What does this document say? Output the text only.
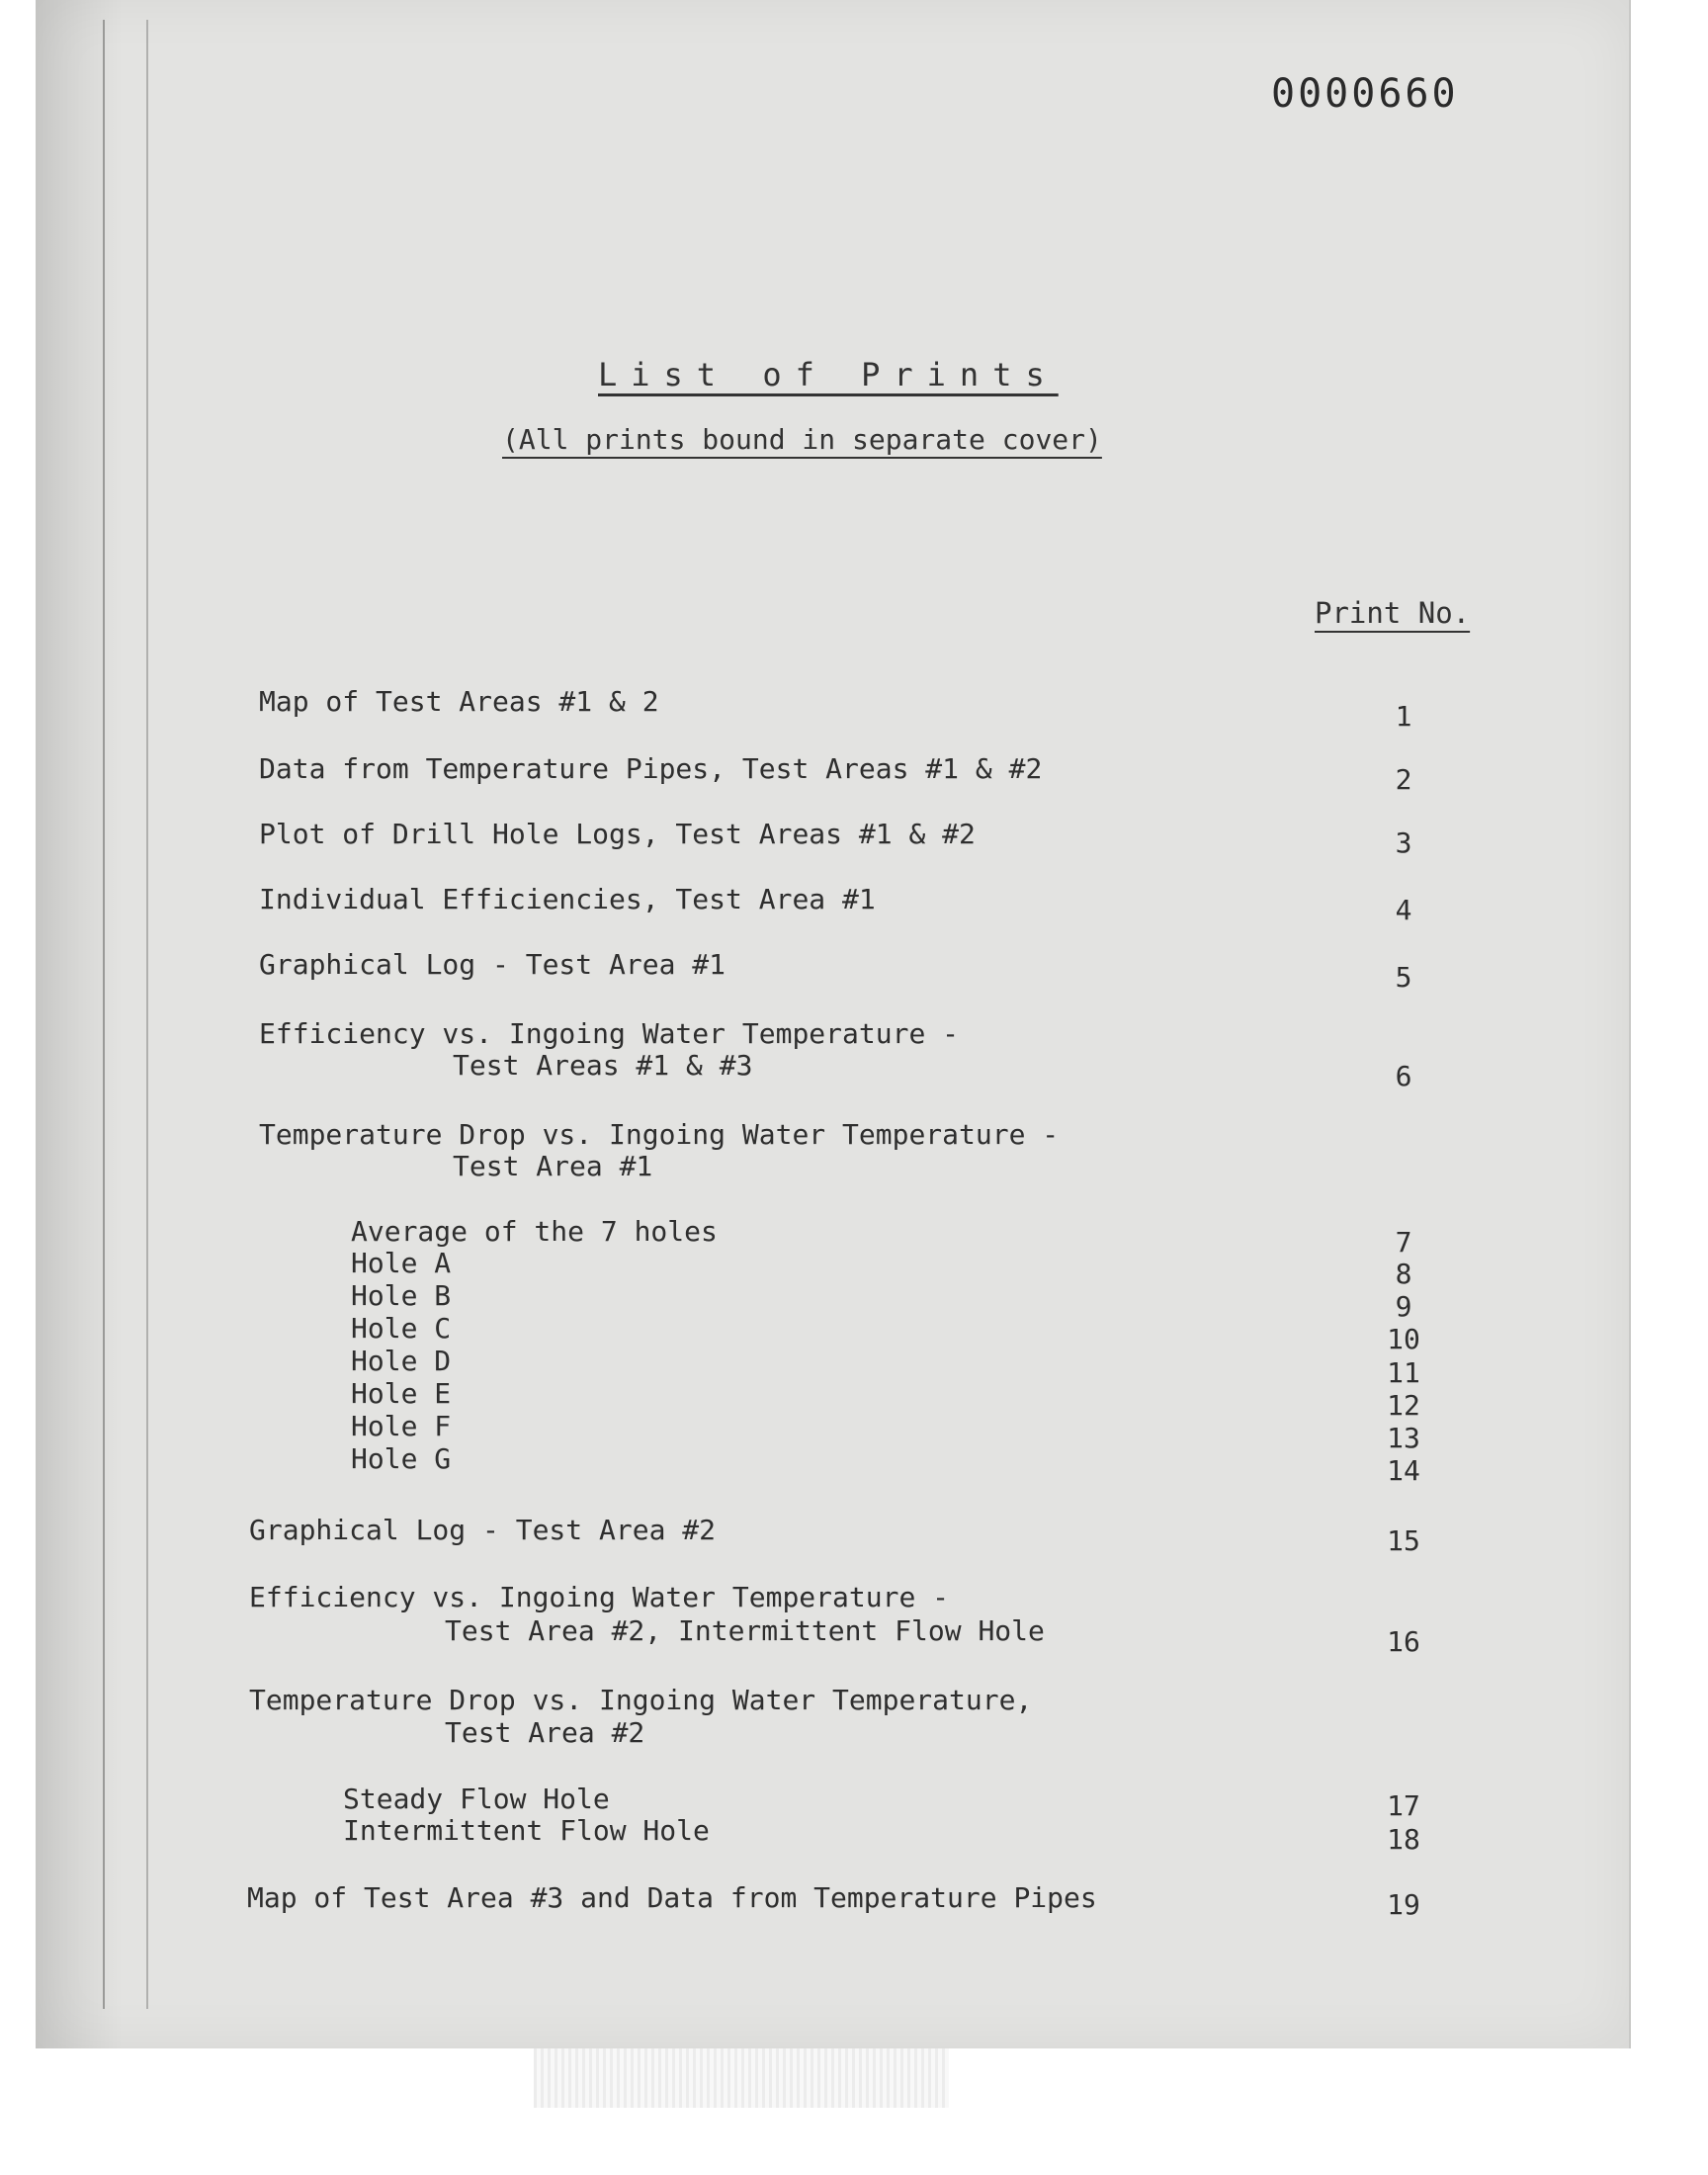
0000660
List of Prints
(All prints bound in separate cover)
Print No.
Map of Test Areas #1 & 2	1
Data from Temperature Pipes, Test Areas #1 & #2	2
Plot of Drill Hole Logs, Test Areas #1 & #2	3
Individual Efficiencies, Test Area #1	4
Graphical Log - Test Area #1	5
Efficiency vs. Ingoing Water Temperature -
Test Areas #1 & #3	6
Temperature Drop vs. Ingoing Water Temperature -
Test Area #1
Average of the 7 holes	7
Hole A	8
Hole B	9
Hole C	10
Hole D	11
Hole E	12
Hole F	13
Hole G	14
Graphical Log - Test Area #2	15
Efficiency vs. Ingoing Water Temperature -
Test Area #2, Intermittent Flow Hole	16
Temperature Drop vs. Ingoing Water Temperature,
Test Area #2
Steady Flow Hole	17
Intermittent Flow Hole	18
Map of Test Area #3 and Data from Temperature Pipes	19
